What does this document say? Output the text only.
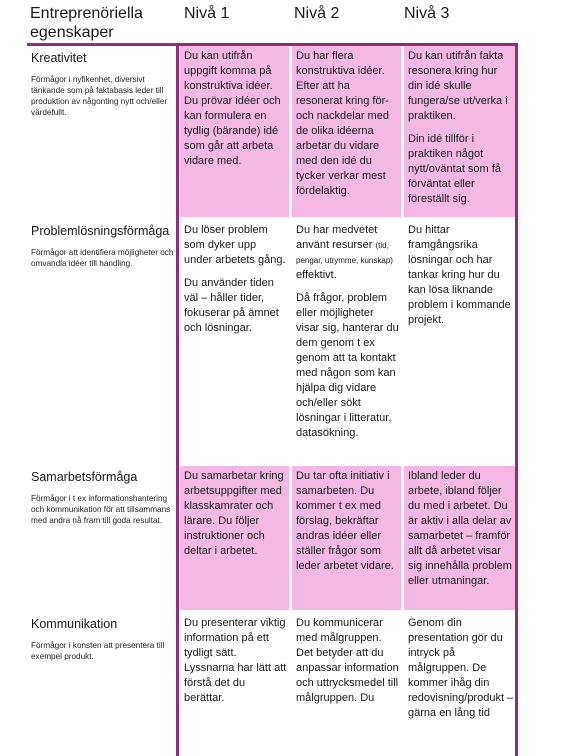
Entreprenöriella egenskaper
Nivå 1	Nivå 2	Nivå 3
Kreativitet
Förmågor i nyfikenhet, diversivt tänkande som på faktabasis leder till produktion av någonting nytt och/eller värdefullt.

Du kan utifrån uppgift komma på konstruktiva idéer. Du prövar idéer och kan formulera en tydlig (bärande) idé som går att arbeta vidare med.

Du har flera konstruktiva idéer. Efter att ha resonerat kring för- och nackdelar med de olika idéerna arbetar du vidare med den idé du tycker verkar mest fördelaktig.

Du kan utifrån fakta resonera kring hur din idé skulle fungera/se ut/verka i praktiken.

Din idé tillför i praktiken något nytt/oväntat som få förväntat eller föreställt sig.

Problemlösningsförmåga
Förmågor att identifiera möjligheter och omvandla idéer till handling.

Du löser problem som dyker upp under arbetets gång.

Du använder tiden väl – håller tider, fokuserar på ämnet och lösningar.

Du har medvetet använt resurser (tid, pengar, utrymme, kunskap) effektivt.

Då frågor, problem eller möjligheter visar sig, hanterar du dem genom t ex genom att ta kontakt med någon som kan hjälpa dig vidare och/eller sökt lösningar i litteratur, datasökning.

Du hittar framgångsrika lösningar och har tankar kring hur du kan lösa liknande problem i kommande projekt.

Samarbetsförmåga
Förmågor i t ex informationshantering och kommunikation för att tillsammans med andra nå fram till goda resultat.

Du samarbetar kring arbetsuppgifter med klasskamrater och lärare. Du följer instruktioner och deltar i arbetet.

Du tar ofta initiativ i samarbeten. Du kommer t ex med förslag, bekräftar andras idéer eller ställer frågor som leder arbetet vidare.

Ibland leder du arbete, ibland följer du med i arbetet. Du är aktiv i alla delar av samarbetet – framför allt då arbetet visar sig innehålla problem eller utmaningar.

Kommunikation
Förmågor i konsten att presentera till exempel produkt.

Du presenterar viktig information på ett tydligt sätt. Lyssnarna har lätt att förstå det du berättar.

Du kommunicerar med målgruppen. Det betyder att du anpassar information och uttrycksmedel till målgruppen. Du

Genom din presentation gör du intryck på målgruppen. De kommer ihåg din redovisning/produkt – gärna en lång tid
